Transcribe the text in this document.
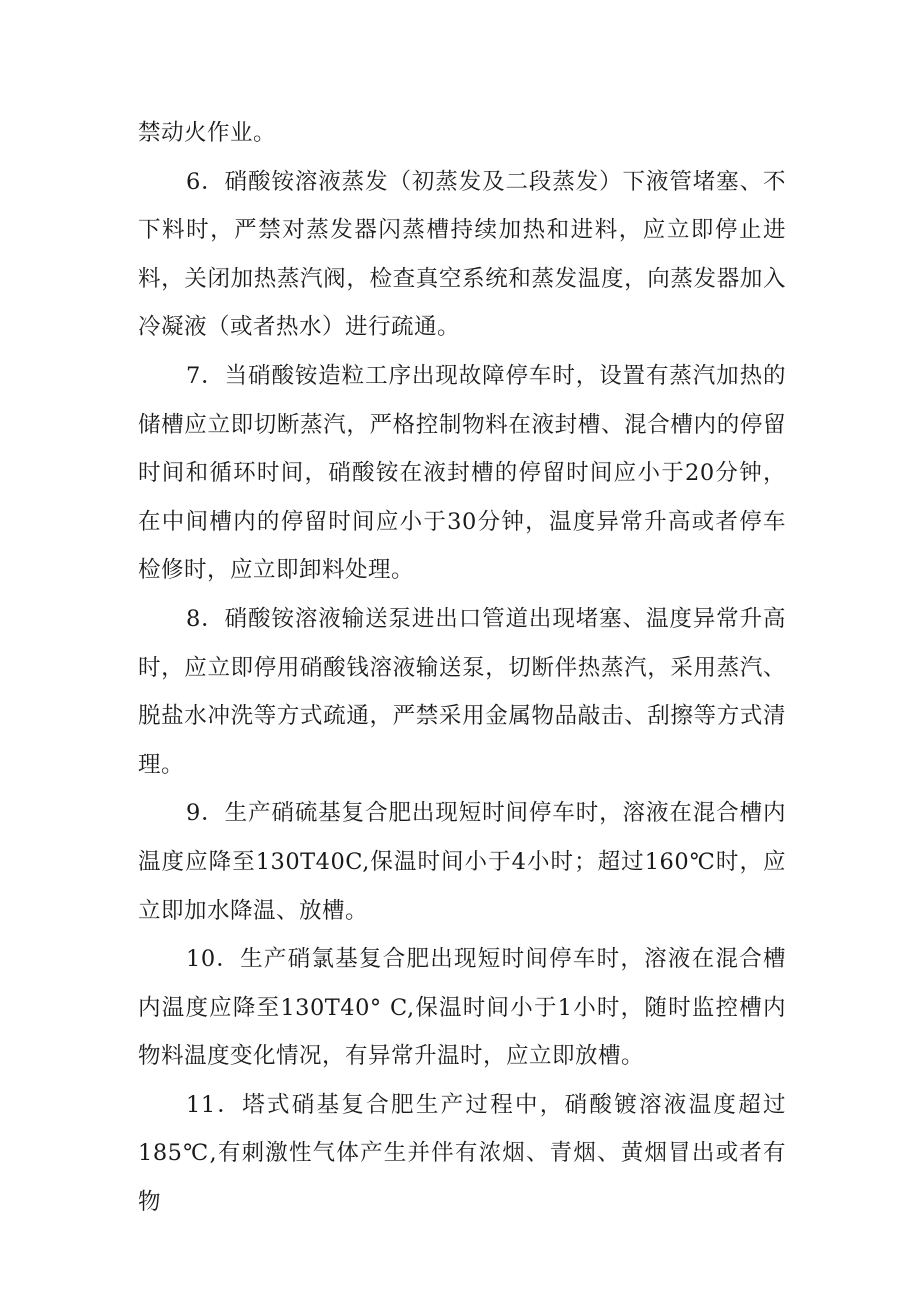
禁动火作业。

6．硝酸铵溶液蒸发（初蒸发及二段蒸发）下液管堵塞、不下料时，严禁对蒸发器闪蒸槽持续加热和进料，应立即停止进料，关闭加热蒸汽阀，检查真空系统和蒸发温度，向蒸发器加入冷凝液（或者热水）进行疏通。

7．当硝酸铵造粒工序出现故障停车时，设置有蒸汽加热的储槽应立即切断蒸汽，严格控制物料在液封槽、混合槽内的停留时间和循环时间，硝酸铵在液封槽的停留时间应小于20分钟，在中间槽内的停留时间应小于30分钟，温度异常升高或者停车检修时，应立即卸料处理。

8．硝酸铵溶液输送泵进出口管道出现堵塞、温度异常升高时，应立即停用硝酸钱溶液输送泵，切断伴热蒸汽，采用蒸汽、脱盐水冲洗等方式疏通，严禁采用金属物品敲击、刮擦等方式清理。

9．生产硝硫基复合肥出现短时间停车时，溶液在混合槽内温度应降至130T40C,保温时间小于4小时；超过160℃时，应立即加水降温、放槽。

10．生产硝氯基复合肥出现短时间停车时，溶液在混合槽内温度应降至130T40° C,保温时间小于1小时，随时监控槽内物料温度变化情况，有异常升温时，应立即放槽。

11．塔式硝基复合肥生产过程中，硝酸镀溶液温度超过185℃,有刺激性气体产生并伴有浓烟、青烟、黄烟冒出或者有物
